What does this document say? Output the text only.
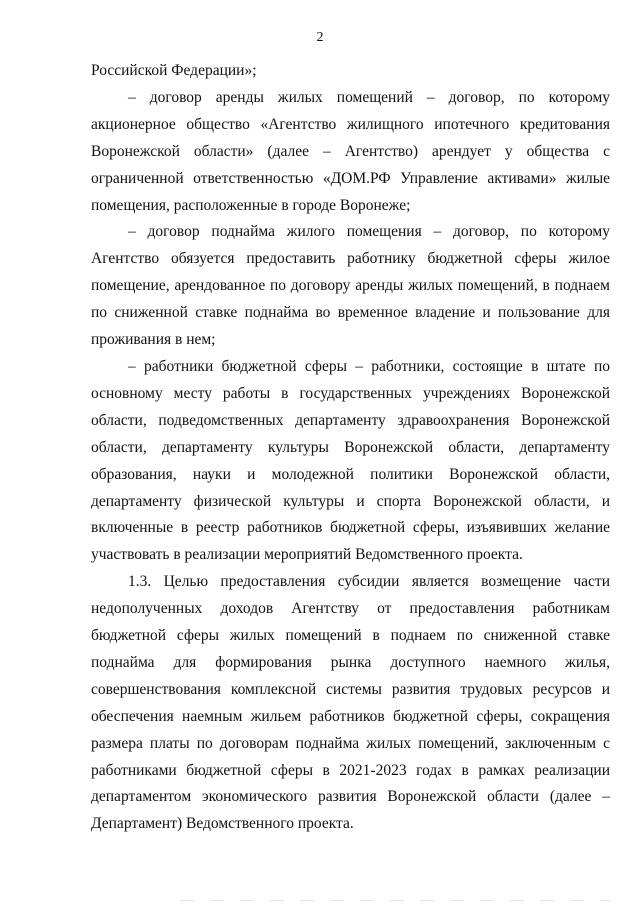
2

Российской Федерации»;

– договор аренды жилых помещений – договор, по которому акционерное общество «Агентство жилищного ипотечного кредитования Воронежской области» (далее – Агентство) арендует у общества с ограниченной ответственностью «ДОМ.РФ Управление активами» жилые помещения, расположенные в городе Воронеже;

– договор поднайма жилого помещения – договор, по которому Агентство обязуется предоставить работнику бюджетной сферы жилое помещение, арендованное по договору аренды жилых помещений, в поднаем по сниженной ставке поднайма во временное владение и пользование для проживания в нем;

– работники бюджетной сферы – работники, состоящие в штате по основному месту работы в государственных учреждениях Воронежской области, подведомственных департаменту здравоохранения Воронежской области, департаменту культуры Воронежской области, департаменту образования, науки и молодежной политики Воронежской области, департаменту физической культуры и спорта Воронежской области, и включенные в реестр работников бюджетной сферы, изъявивших желание участвовать в реализации мероприятий Ведомственного проекта.

1.3. Целью предоставления субсидии является возмещение части недополученных доходов Агентству от предоставления работникам бюджетной сферы жилых помещений в поднаем по сниженной ставке поднайма для формирования рынка доступного наемного жилья, совершенствования комплексной системы развития трудовых ресурсов и обеспечения наемным жильем работников бюджетной сферы, сокращения размера платы по договорам поднайма жилых помещений, заключенным с работниками бюджетной сферы в 2021-2023 годах в рамках реализации департаментом экономического развития Воронежской области (далее – Департамент) Ведомственного проекта.
